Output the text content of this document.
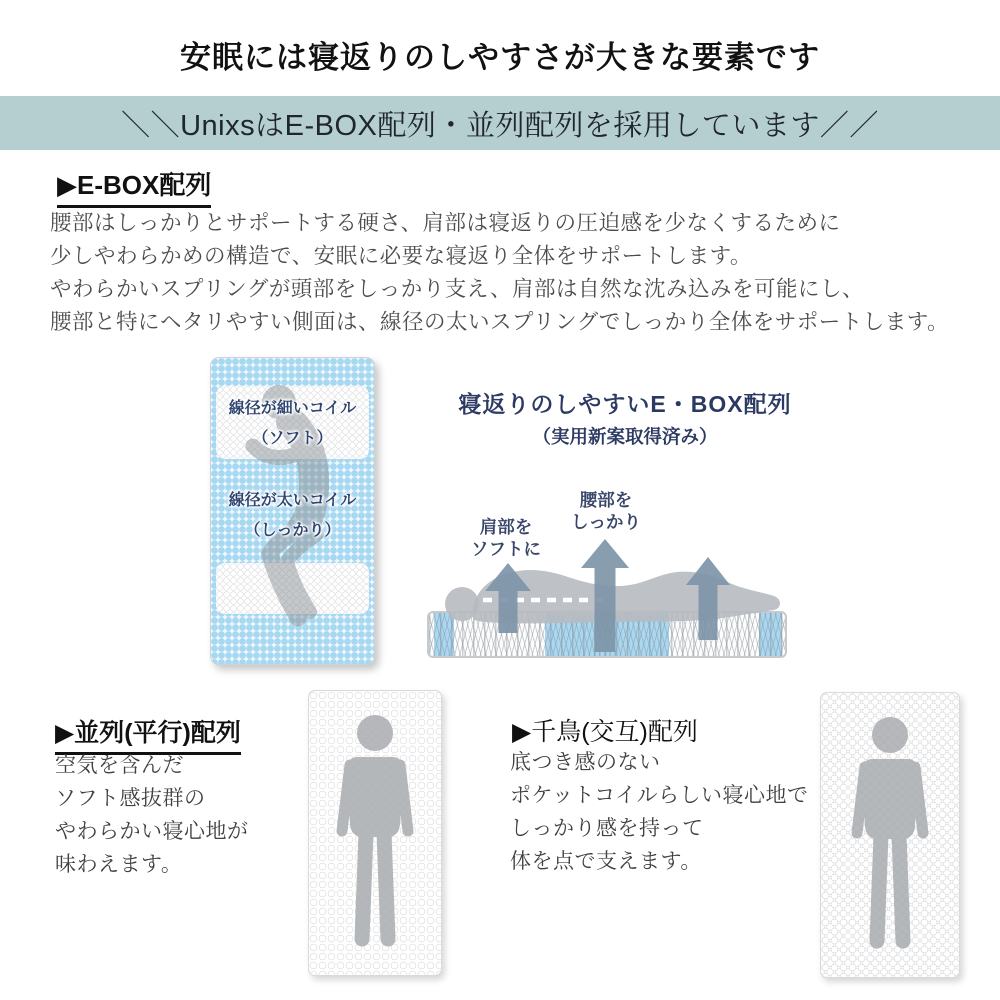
安眠には寝返りのしやすさが大きな要素です
＼＼UnixsはE-BOX配列・並列配列を採用しています／／
▶E-BOX配列
腰部はしっかりとサポートする硬さ、肩部は寝返りの圧迫感を少なくするために
少しやわらかめの構造で、安眠に必要な寝返り全体をサポートします。
やわらかいスプリングが頭部をしっかり支え、肩部は自然な沈み込みを可能にし、
腰部と特にヘタリやすい側面は、線径の太いスプリングでしっかり全体をサポートします。
線径が細いコイル
（ソフト）
線径が太いコイル
（しっかり）
寝返りのしやすいE・BOX配列
（実用新案取得済み）
肩部を
ソフトに
腰部を
しっかり
▶並列(平行)配列
空気を含んだ
ソフト感抜群の
やわらかい寝心地が
味わえます。
▶千鳥(交互)配列
底つき感のない
ポケットコイルらしい寝心地で
しっかり感を持って
体を点で支えます。
